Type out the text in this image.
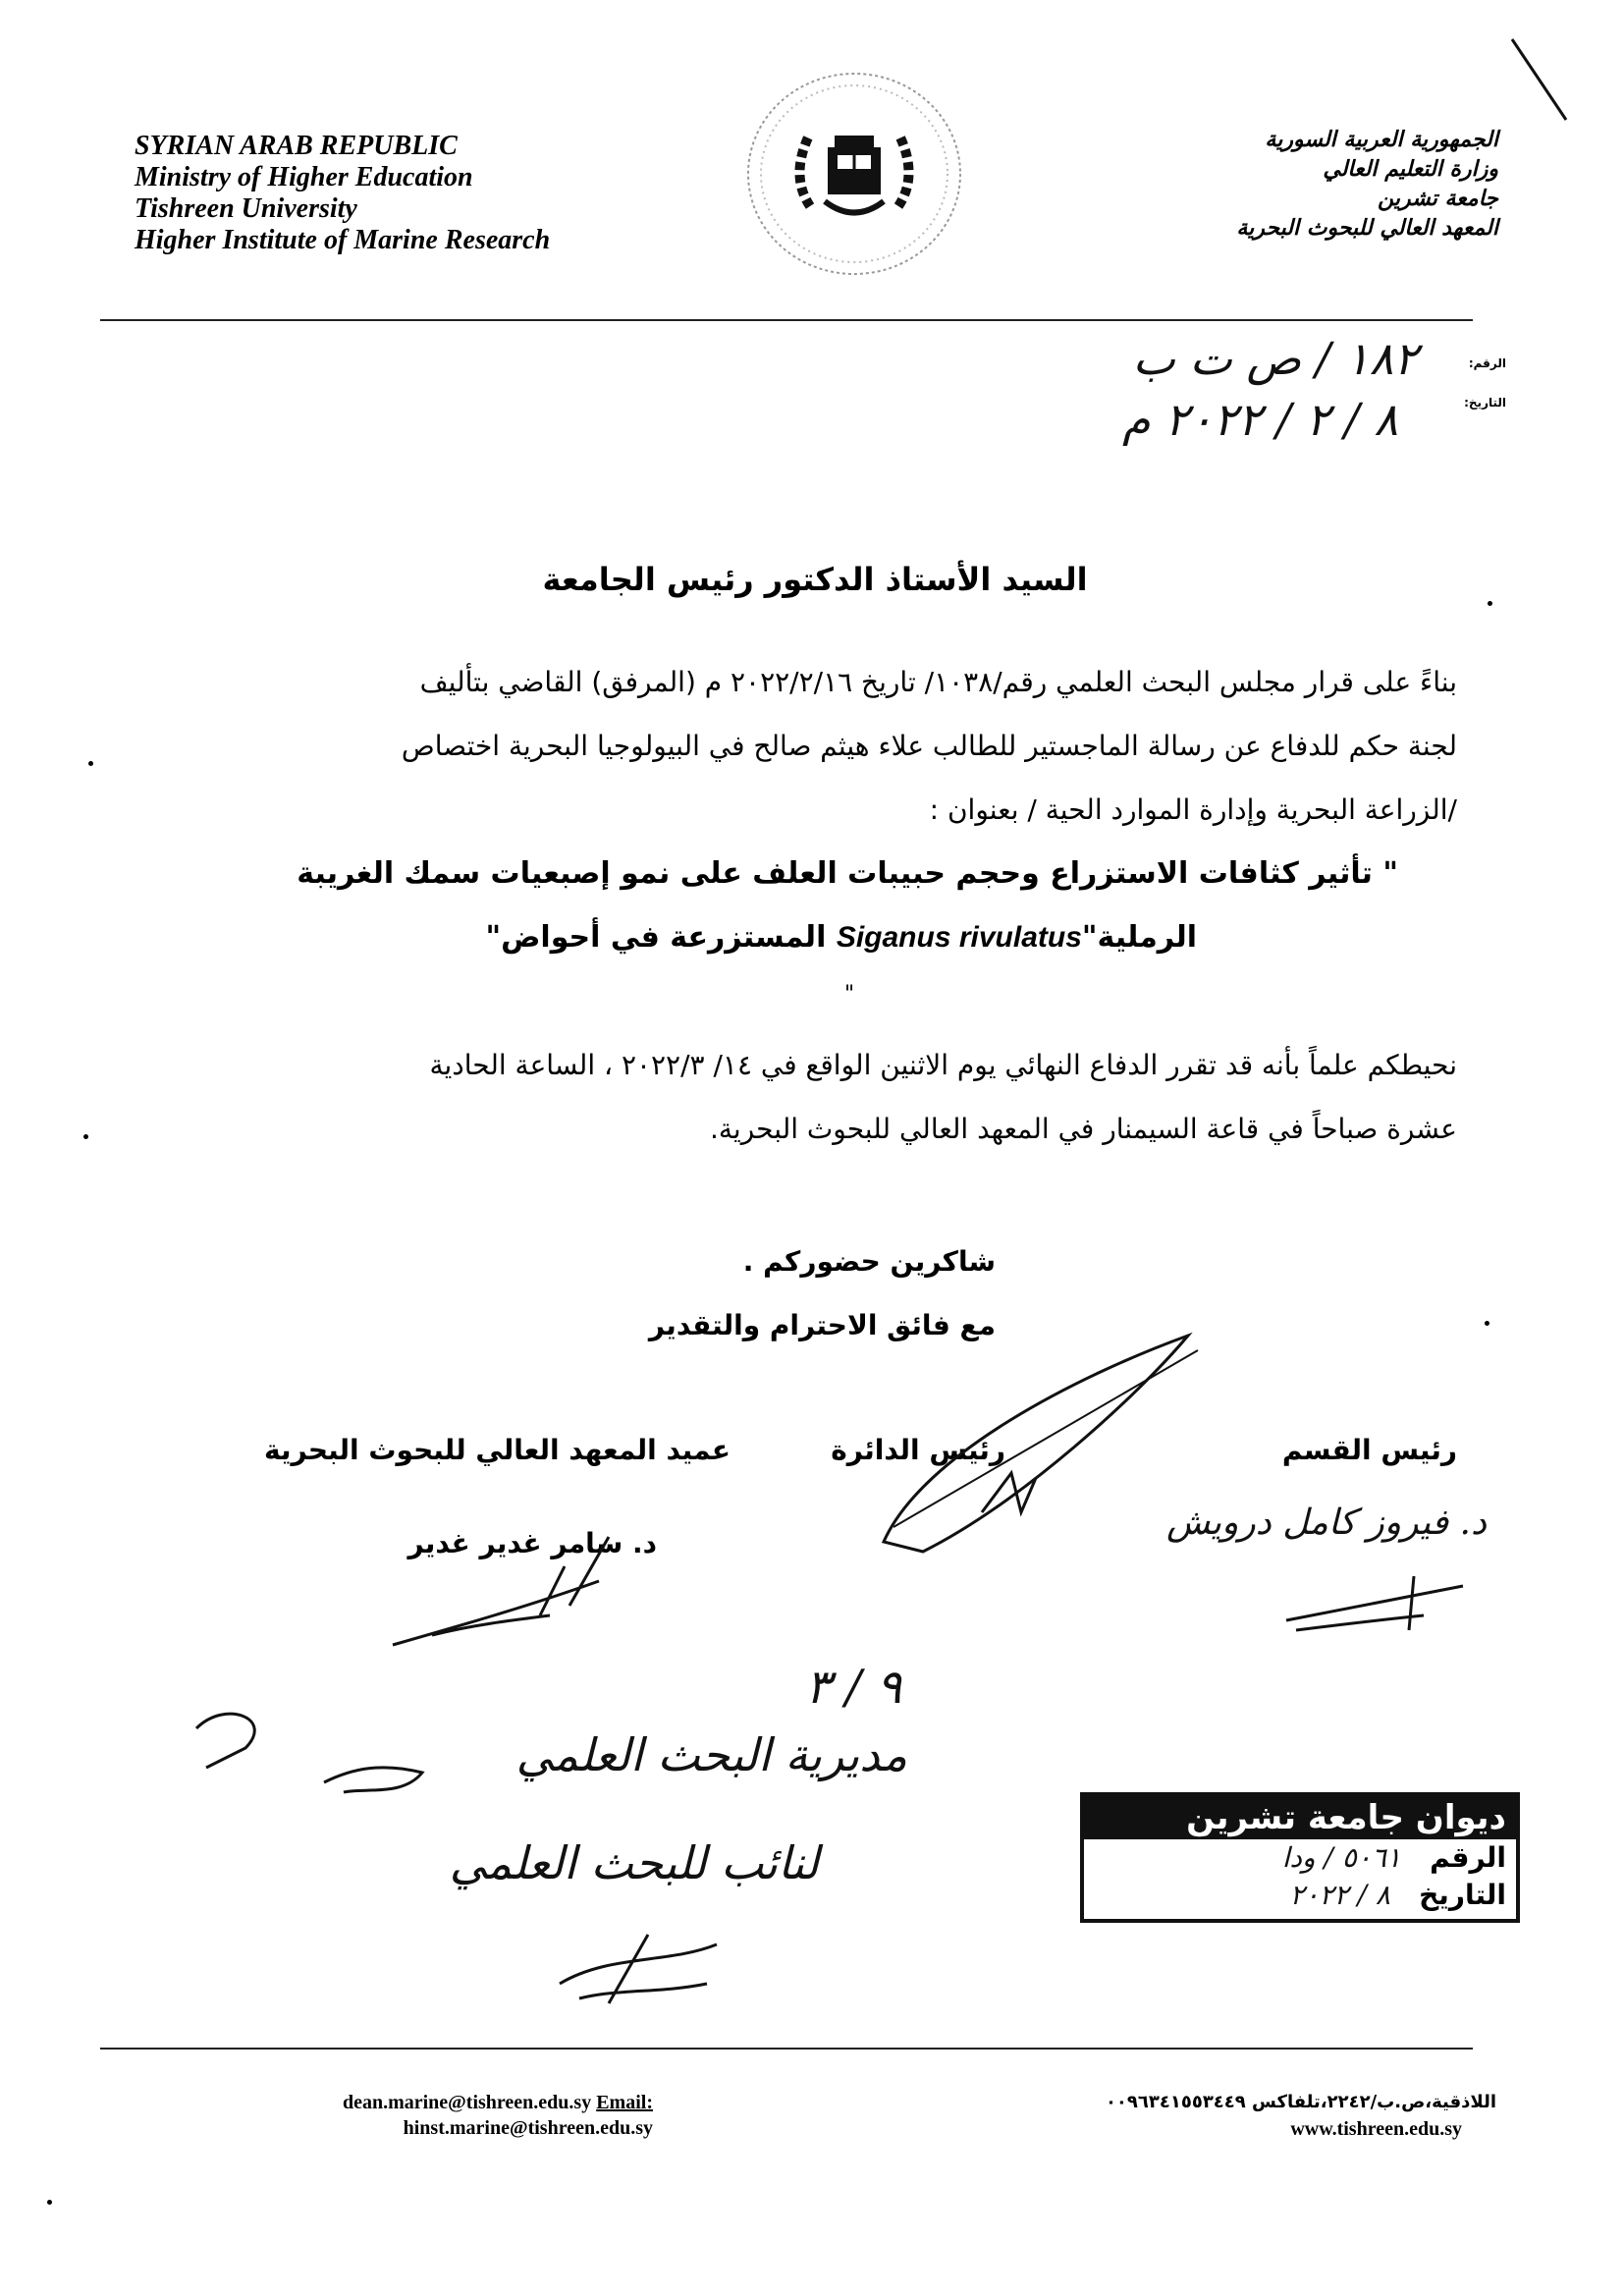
SYRIAN ARAB REPUBLIC
Ministry of Higher Education
Tishreen University
Higher Institute of Marine Research
الجمهورية العربية السورية
وزارة التعليم العالي
جامعة تشرين
المعهد العالي للبحوث البحرية
الرقم:
التاريخ:
١٨٢ / ص ت ب
٨ / ٢ / ٢٠٢٢ م
السيد الأستاذ الدكتور رئيس الجامعة
بناءً على قرار مجلس البحث العلمي رقم/١٠٣٨/ تاريخ ٢٠٢٢/٢/١٦ م (المرفق) القاضي بتأليف
لجنة حكم للدفاع عن رسالة الماجستير للطالب علاء هيثم صالح في البيولوجيا البحرية اختصاص
/الزراعة البحرية وإدارة الموارد الحية / بعنوان :
" تأثير كثافات الاستزراع وحجم حبيبات العلف على نمو إصبعيات سمك الغريبة
الرملية"Siganus rivulatus المستزرعة في أحواض"
"
نحيطكم علماً بأنه قد تقرر الدفاع النهائي يوم الاثنين الواقع في ١٤/ ٢٠٢٢/٣ ، الساعة الحادية
عشرة صباحاً في قاعة السيمنار في المعهد العالي للبحوث البحرية.
شاكرين حضوركم .
مع فائق الاحترام والتقدير
رئيس القسم
رئيس الدائرة
عميد المعهد العالي للبحوث البحرية
د. فيروز كامل درويش
د. سامر غدير غدير
٩ / ٣
مديرية البحث العلمي
لنائب للبحث العلمي
ديوان جامعة تشرين
الرقم   ٥٠٦١ / ودا
التاريخ   ٨ / ٢٠٢٢
dean.marine@tishreen.edu.sy Email:
hinst.marine@tishreen.edu.sy
اللاذقية،ص.ب/٢٢٤٢،تلفاكس ٠٠٩٦٣٤١٥٥٣٤٤٩
www.tishreen.edu.sy
